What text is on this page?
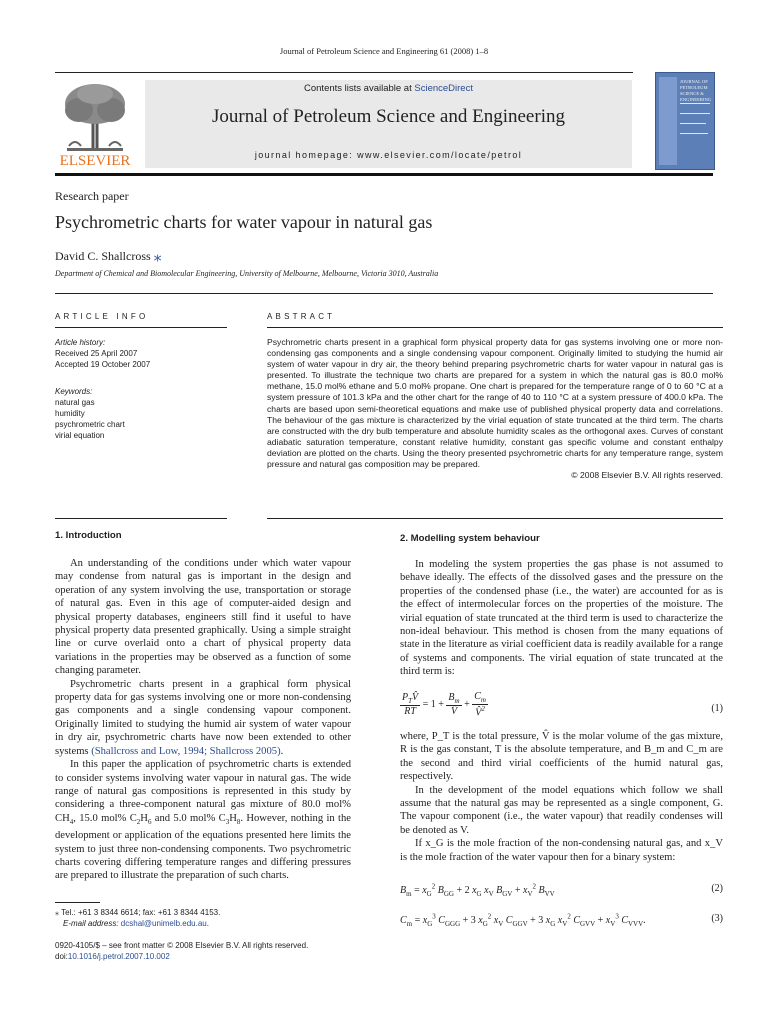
Journal of Petroleum Science and Engineering 61 (2008) 1–8
ELSEVIER
Contents lists available at ScienceDirect
Journal of Petroleum Science and Engineering
journal homepage: www.elsevier.com/locate/petrol
JOURNAL OF PETROLEUM SCIENCE & ENGINEERING
Research paper
Psychrometric charts for water vapour in natural gas
David C. Shallcross ⁎
Department of Chemical and Biomolecular Engineering, University of Melbourne, Melbourne, Victoria 3010, Australia
ARTICLE INFO
Article history:
Received 25 April 2007
Accepted 19 October 2007
Keywords:
natural gas
humidity
psychrometric chart
virial equation
ABSTRACT
Psychrometric charts present in a graphical form physical property data for gas systems involving one or more non-condensing gas components and a single condensing vapour component. Originally limited to studying the humid air system of water vapour in dry air, the theory behind preparing psychrometric charts for water vapour in natural gas is presented. To illustrate the technique two charts are prepared for a system in which the natural gas is 80.0 mol% methane, 15.0 mol% ethane and 5.0 mol% propane. One chart is prepared for the temperature range of 0 to 60 °C at a system pressure of 101.3 kPa and the other chart for the range of 40 to 110 °C at a system pressure of 400.0 kPa. The charts are based upon semi-theoretical equations and make use of published physical property data and correlations. The behaviour of the gas mixture is characterized by the virial equation of state truncated at the third term. The charts are constructed with the dry bulb temperature and absolute humidity scales as the orthogonal axes. Curves of constant adiabatic saturation temperature, constant relative humidity, constant gas specific volume and constant enthalpy deviation are plotted on the charts. Using the theory presented psychrometric charts for any temperature range, system pressure and natural gas composition may be prepared.
© 2008 Elsevier B.V. All rights reserved.
1. Introduction

An understanding of the conditions under which water vapour may condense from natural gas is important in the design and operation of any system involving the use, transportation or storage of natural gas. Even in this age of computer-aided design and physical property databases, engineers still find it useful to have physical property data presented graphically. Using a simple straight line or curve overlaid onto a chart of physical property data variations in the properties may be observed as a function of some changing parameter.

Psychrometric charts present in a graphical form physical property data for gas systems involving one or more non-condensing gas components and a single condensing vapour component. Originally limited to studying the humid air system of water vapour in dry air, psychrometric charts have now been extended to other systems (Shallcross and Low, 1994; Shallcross 2005).

In this paper the application of psychrometric charts is extended to consider systems involving water vapour in natural gas. The wide range of natural gas compositions is represented in this study by considering a three-component natural gas mixture of 80.0 mol% $CH_4$, 15.0 mol% $C_2H_6$ and 5.0 mol% $C_3H_8$. However, nothing in the development or application of the equations presented here limits the system to just three non-condensing components. Two psychrometric charts covering differing temperature ranges and differing pressures are prepared to illustrate the preparation of such charts.

2. Modelling system behaviour

In modeling the system properties the gas phase is not assumed to behave ideally. The effects of the dissolved gases and the pressure on the properties of the condensed phase (i.e., the water) are accounted for as is the effect of intermolecular forces on the properties of the moisture. The virial equation of state truncated at the third term is used to characterize the non-ideal behaviour. This method is chosen from the many equations of state in the literature as virial coefficient data is readily available for a range of systems and components. The virial equation of state truncated at the third term is:

$\frac{P_TV̂}{RT} = 1 + \frac{B_m}{V̂} + \frac{C_m}{V̂^2}$	(1)

where, P_T is the total pressure, V̂ is the molar volume of the gas mixture, R is the gas constant, T is the absolute temperature, and B_m and C_m are the second and third virial coefficients of the humid natural gas, respectively.

In the development of the model equations which follow we shall assume that the natural gas may be represented as a single component, G. The vapour component (i.e., the water vapour) that readily condenses will be denoted as V.

If x_G is the mole fraction of the non-condensing natural gas, and x_V is the mole fraction of the water vapour then for a binary system:

$B_m = x_G^2$ $B_{GG} + 2$ $x_G$ $x_V$ $B_{GV} + x_V^2$ $B_{VV}$
(2)
$C_m = x_G^3$ $C_{GGG} + 3$ $x_G^2$ $x_V$ $C_{GGV} + 3$ $x_G$ $x_V^2$ $C_{GVV} + x_V^3$ $C_{VVV}$.	(3)
⁎ Tel.: +61 3 8344 6614; fax: +61 3 8344 4153.
E-mail address: dcshal@unimelb.edu.au.
0920-4105/$ – see front matter © 2008 Elsevier B.V. All rights reserved.
doi:10.1016/j.petrol.2007.10.002
